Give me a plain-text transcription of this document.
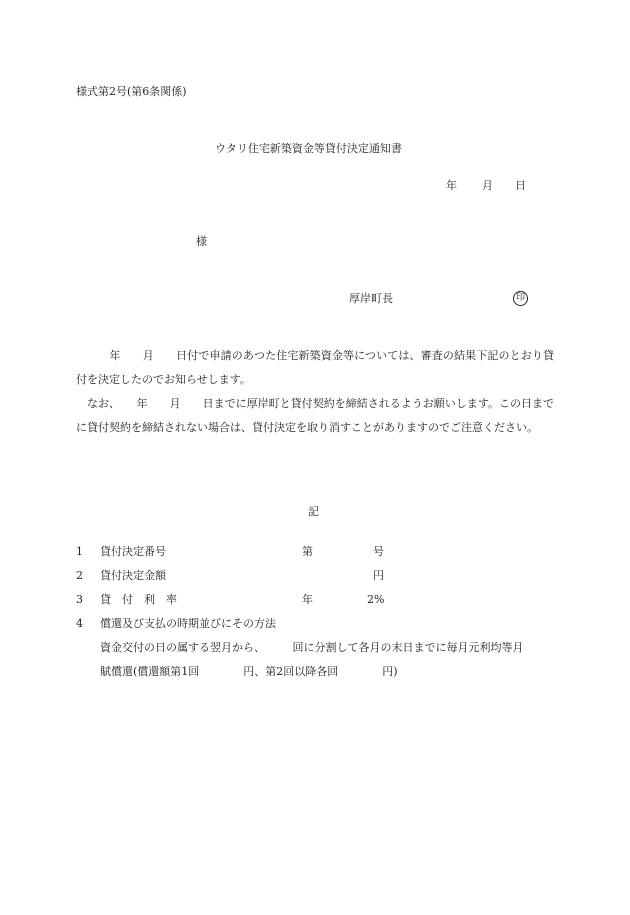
様式第2号(第6条関係)
ウタリ住宅新築資金等貸付決定通知書
年 月 日
様
厚岸町長	印
　　　年　　月　　日付で申請のあつた住宅新築資金等については、審査の結果下記のとおり貸付を決定したのでお知らせします。
　なお、　　年　　月　　日までに厚岸町と貸付契約を締結されるようお願いします。この日までに貸付契約を締結されない場合は、貸付決定を取り消すことがありますのでご注意ください。
記
1 貸付決定番号	第	号
2 貸付決定金額	円
3 貸　付　利　率	年	2%
4 償還及び支払の時期並びにその方法
資金交付の日の属する翌月から、　　　回に分割して各月の末日までに毎月元利均等月
賦償還(償還額第1回　　　　円、第2回以降各回　　　　円)
